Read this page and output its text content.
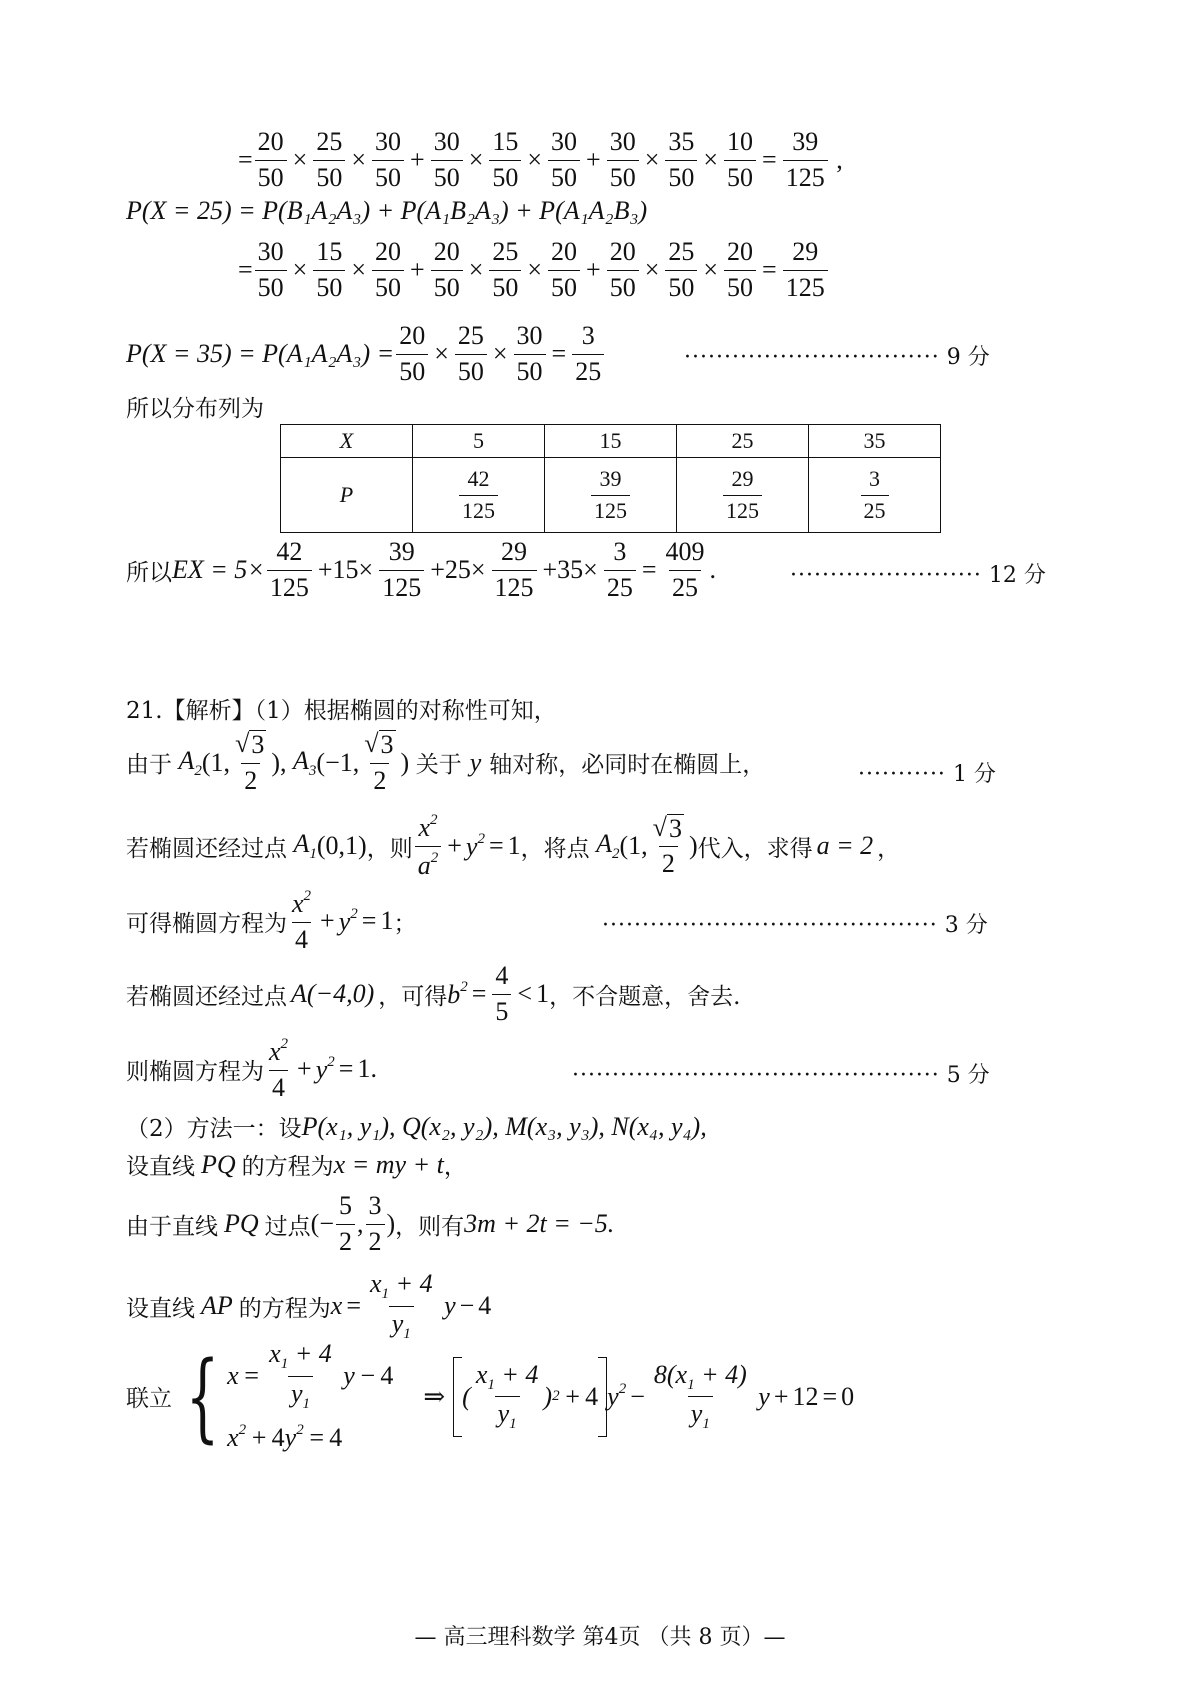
= $\frac{20}{50} \times \frac{25}{50} \times \frac{30}{50} + \frac{30}{50} \times \frac{15}{50} \times \frac{30}{50} + \frac{30}{50} \times \frac{35}{50} \times \frac{10}{50} = \frac{39}{125}$ ,
P(X = 25) = P(B₁A₂A₃) + P(A₁B₂A₃) + P(A₁A₂B₃)
= $\frac{30}{50} \times \frac{15}{50} \times \frac{20}{50} + \frac{20}{50} \times \frac{25}{50} \times \frac{20}{50} + \frac{20}{50} \times \frac{25}{50} \times \frac{20}{50} = \frac{29}{125}$
$P(X = 35) = P(A_1A_2A_3) = \frac{20}{50} \times \frac{25}{50} \times \frac{30}{50} = \frac{3}{25}$	································ 9 分
所以分布列为
X	5	15	25	35
P	$\frac{42}{125}$	$\frac{39}{125}$	$\frac{29}{125}$	$\frac{3}{25}$
所以 EX = $5\times \frac{42}{125} +15\times \frac{39}{125} +25\times \frac{29}{125} +35\times \frac{3}{25} = \frac{409}{25}$ .	························ 12 分
21.【解析】（1）根据椭圆的对称性可知，
由于 $A_2$ (1, $\frac{√ 3}{2}$ ), $A_3$ (−1, $\frac{√ 3}{2}$ ) 关于 y 轴对称，必同时在椭圆上，	··········· 1 分
若椭圆还经过点 $A_1$ (0,1) ，则 $\frac{x^2}{a^2} + y^2 = 1$ ，将点 $A_2$ (1, $\frac{√ 3}{2}$ ) 代入，求得 a = 2 ，
可得椭圆方程为 $\frac{x^2}{4} + y^2 = 1$ ；	·········································· 3 分
若椭圆还经过点 A(−4,0) ，可得 $b^2 = \frac{4}{5} < 1$ ，不合题意，舍去.
则椭圆方程为 $\frac{x^2}{4} + y^2 = 1$ .	·············································· 5 分
（2）方法一：设 P(x₁, y₁), Q(x₂, y₂), M(x₃, y₃), N(x₄, y₄),
设直线 PQ 的方程为 x = my + t ，
由于直线 PQ 过点 (− $\frac{5}{2}$ , $\frac{3}{2}$ ) ，则有 3m + 2t = −5.
设直线 AP 的方程为 $x = \frac{x_1 + 4}{y_1}$ y − 4
联立 { $x = \frac{x_1 + 4}{y_1}$ y − 4
$x^2 + 4y^2 = 4$
⇒ ( $\frac{x_1 + 4}{y_1}$ ) 2 + 4 $y^2 - \frac{8(x_1 + 4)}{y_1}$ y + 12 = 0
— 高三理科数学 第4页 （共 8 页）—
